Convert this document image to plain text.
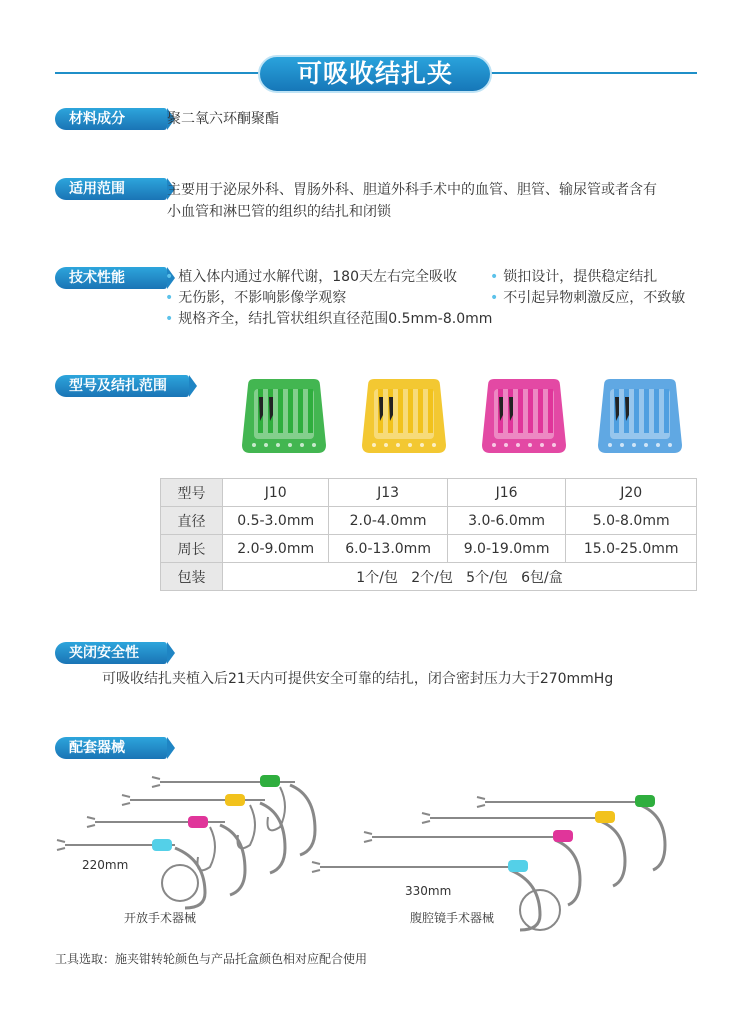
可吸收结扎夹
材料成分	聚二氧六环酮聚酯
适用范围	主要用于泌尿外科、胃肠外科、胆道外科手术中的血管、胆管、输尿管或者含有
小血管和淋巴管的组织的结扎和闭锁
技术性能	• 植入体内通过水解代谢，180天左右完全吸收	• 锁扣设计，提供稳定结扎
• 无伤影，不影响影像学观察	• 不引起异物刺激反应，不致敏
• 规格齐全，结扎管状组织直径范围0.5mm-8.0mm
型号及结扎范围
型号	J10	J13	J16	J20
直径	0.5-3.0mm	2.0-4.0mm	3.0-6.0mm	5.0-8.0mm
周长	2.0-9.0mm	6.0-13.0mm	9.0-19.0mm	15.0-25.0mm
包装	1个/包   2个/包   5个/包   6包/盒			
夹闭安全性
可吸收结扎夹植入后21天内可提供安全可靠的结扎，闭合密封压力大于270mmHg
配套器械
220mm
开放手术器械
330mm
腹腔镜手术器械
工具选取：施夹钳转轮颜色与产品托盒颜色相对应配合使用
